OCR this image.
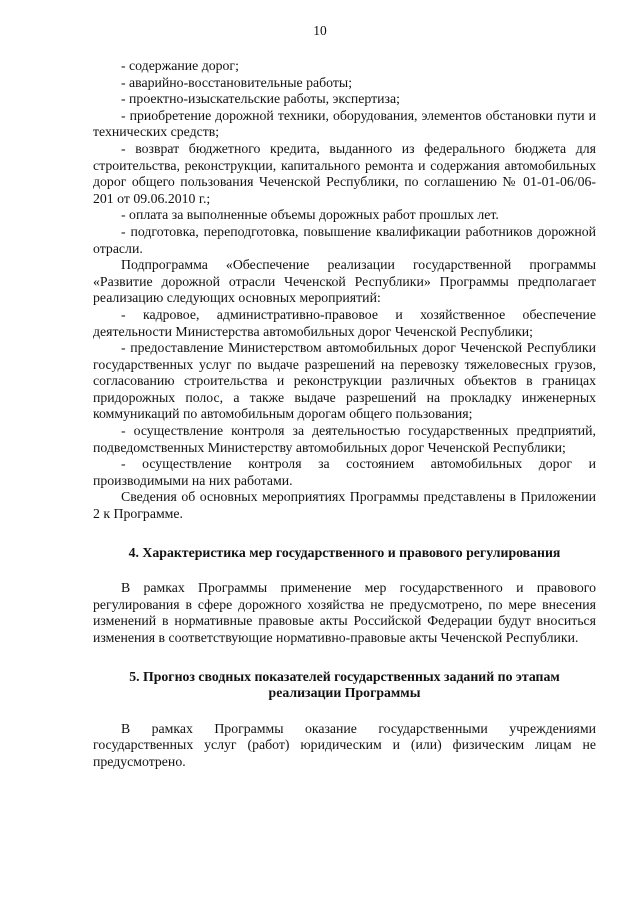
10

- содержание дорог;

- аварийно-восстановительные работы;

- проектно-изыскательские работы, экспертиза;

- приобретение дорожной техники, оборудования, элементов обстановки пути и технических средств;

- возврат бюджетного кредита, выданного из федерального бюджета для строительства, реконструкции, капитального ремонта и содержания автомобильных дорог общего пользования Чеченской Республики, по соглашению № 01-01-06/06-201 от 09.06.2010 г.;

- оплата за выполненные объемы дорожных работ прошлых лет.

- подготовка, переподготовка, повышение квалификации работников дорожной отрасли.

Подпрограмма «Обеспечение реализации государственной программы «Развитие дорожной отрасли Чеченской Республики» Программы предполагает реализацию следующих основных мероприятий:

- кадровое, административно-правовое и хозяйственное обеспечение деятельности Министерства автомобильных дорог Чеченской Республики;

- предоставление Министерством автомобильных дорог Чеченской Республики государственных услуг по выдаче разрешений на перевозку тяжеловесных грузов, согласованию строительства и реконструкции различных объектов в границах придорожных полос, а также выдаче разрешений на прокладку инженерных коммуникаций по автомобильным дорогам общего пользования;

- осуществление контроля за деятельностью государственных предприятий, подведомственных Министерству автомобильных дорог Чеченской Республики;

- осуществление контроля за состоянием автомобильных дорог и производимыми на них работами.

Сведения об основных мероприятиях Программы представлены в Приложении 2 к Программе.

4. Характеристика мер государственного и правового регулирования

В рамках Программы применение мер государственного и правового регулирования в сфере дорожного хозяйства не предусмотрено, по мере внесения изменений в нормативные правовые акты Российской Федерации будут вноситься изменения в соответствующие нормативно-правовые акты Чеченской Республики.

5. Прогноз сводных показателей государственных заданий по этапам реализации Программы

В рамках Программы оказание государственными учреждениями государственных услуг (работ) юридическим и (или) физическим лицам не предусмотрено.
